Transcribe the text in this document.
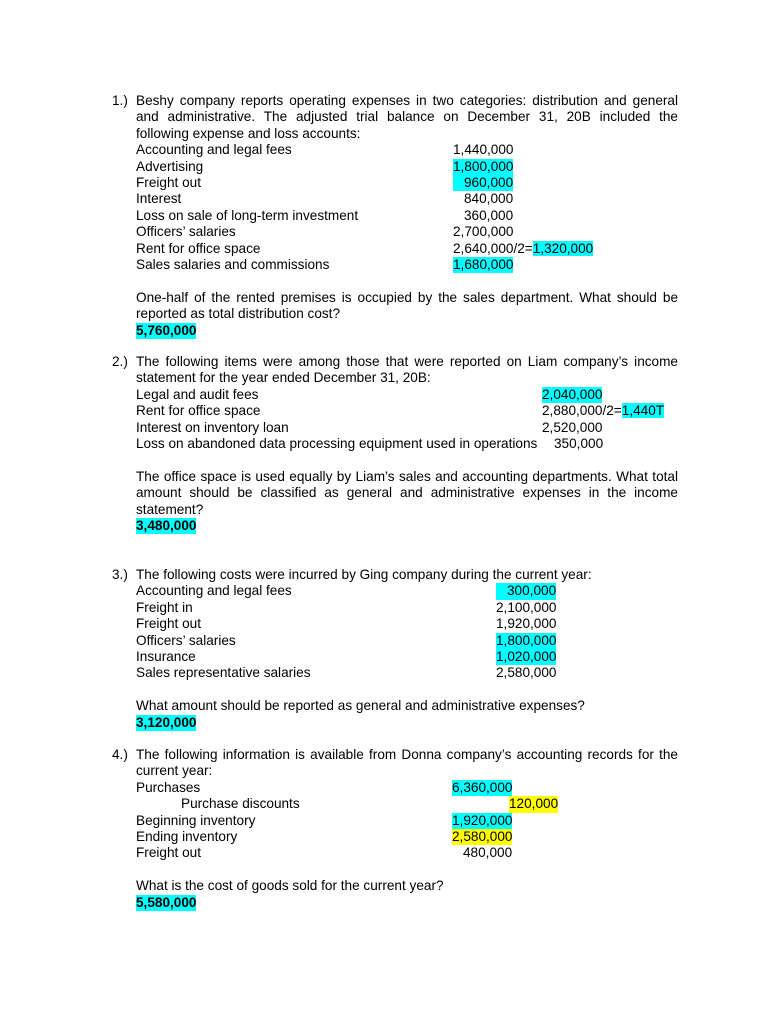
1.) Beshy company reports operating expenses in two categories: distribution and general and administrative. The adjusted trial balance on December 31, 20B included the following expense and loss accounts:
Accounting and legal fees	1,440,000
Advertising	1,800,000
Freight out	960,000
Interest	840,000
Loss on sale of long-term investment	360,000
Officers’ salaries	2,700,000
Rent for office space	2,640,000/2=1,320,000
Sales salaries and commissions	1,680,000
One-half of the rented premises is occupied by the sales department. What should be reported as total distribution cost?
5,760,000
2.) The following items were among those that were reported on Liam company’s income statement for the year ended December 31, 20B:
Legal and audit fees	2,040,000
Rent for office space	2,880,000/2=1,440T
Interest on inventory loan	2,520,000
Loss on abandoned data processing equipment used in operations 350,000
The office space is used equally by Liam’s sales and accounting departments. What total amount should be classified as general and administrative expenses in the income statement?
3,480,000
3.) The following costs were incurred by Ging company during the current year:
Accounting and legal fees	300,000
Freight in	2,100,000
Freight out	1,920,000
Officers’ salaries	1,800,000
Insurance	1,020,000
Sales representative salaries	2,580,000
What amount should be reported as general and administrative expenses?
3,120,000
4.) The following information is available from Donna company’s accounting records for the current year:
Purchases	6,360,000
Purchase discounts	120,000
Beginning inventory	1,920,000
Ending inventory	2,580,000
Freight out	480,000
What is the cost of goods sold for the current year?
5,580,000
